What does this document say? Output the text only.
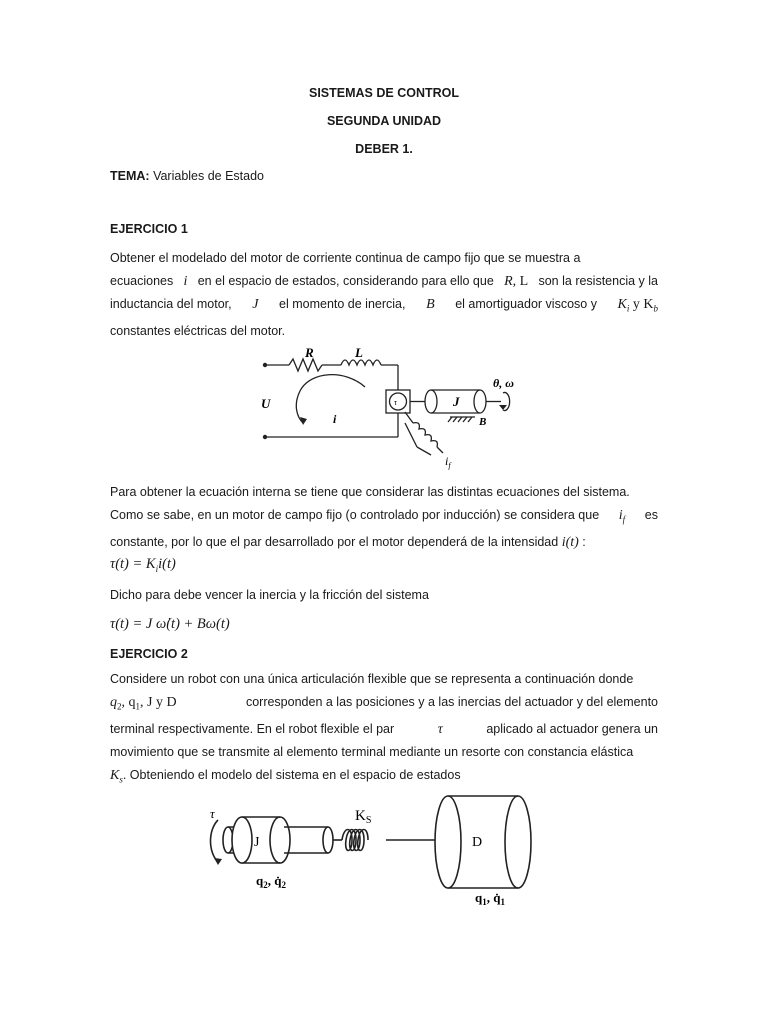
SISTEMAS DE CONTROL
SEGUNDA UNIDAD
DEBER 1.
TEMA: Variables de Estado
EJERCICIO 1
Obtener el modelado del motor de corriente continua de campo fijo que se muestra a
ecuaciones i en el espacio de estados, considerando para ello que R, L son la resistencia y la
inductancia del motor, J el momento de inercia, B el amortiguador viscoso y $K_i$ y $K_b$
constantes eléctricas del motor.
R	L
U
i
τ	J
B
θ, ω
$i_f$
Para obtener la ecuación interna se tiene que considerar las distintas ecuaciones del sistema.
Como se sabe, en un motor de campo fijo (o controlado por inducción) se considera que $i_f$ es
constante, por lo que el par desarrollado por el motor dependerá de la intensidad i(t) :
$\tau(t) = K_ii(t)$
Dicho para debe vencer la inercia y la fricción del sistema
τ(t) = J ω̇(t) + Bω(t)
EJERCICIO 2
Considere un robot con una única articulación flexible que se representa a continuación donde
$q_2$, $q_1$, J y D	corresponden a las posiciones y a las inercias del actuador y del elemento
terminal respectivamente. En el robot flexible el par	τ	aplicado al actuador genera un
movimiento que se transmite al elemento terminal mediante un resorte con constancia elástica
$K_s$. Obteniendo el modelo del sistema en el espacio de estados
τ
J
$K_S$
D
$q_2$, $q̇_2$
$q_1$, $q̇_1$
